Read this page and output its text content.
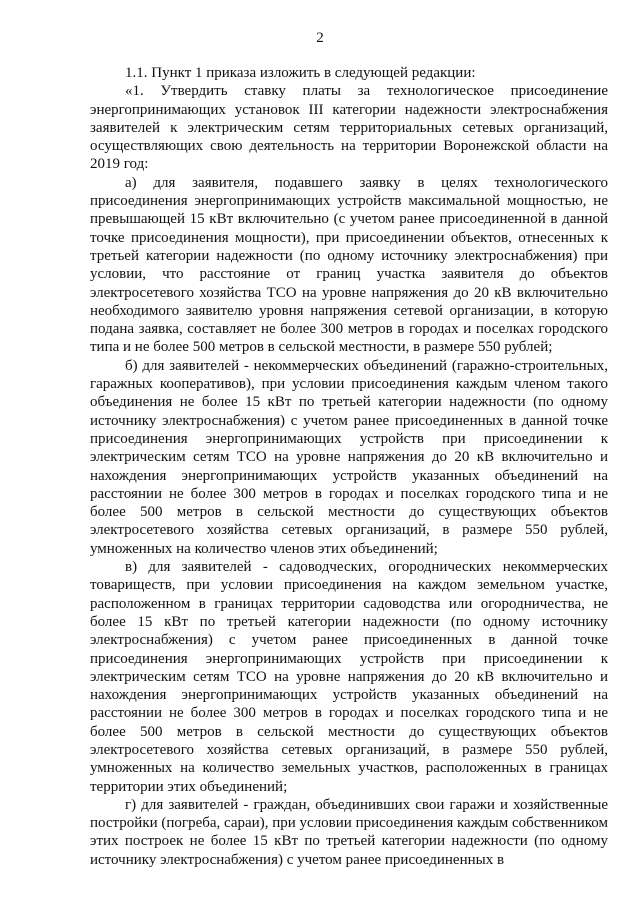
2

1.1. Пункт 1 приказа изложить в следующей редакции:

«1. Утвердить ставку платы за технологическое присоединение энергопринимающих установок III категории надежности электроснабжения заявителей к электрическим сетям территориальных сетевых организаций, осуществляющих свою деятельность на территории Воронежской области на 2019 год:

а) для заявителя, подавшего заявку в целях технологического присоединения энергопринимающих устройств максимальной мощностью, не превышающей 15 кВт включительно (с учетом ранее присоединенной в данной точке присоединения мощности), при присоединении объектов, отнесенных к третьей категории надежности (по одному источнику электроснабжения) при условии, что расстояние от границ участка заявителя до объектов электросетевого хозяйства ТСО на уровне напряжения до 20 кВ включительно необходимого заявителю уровня напряжения сетевой организации, в которую подана заявка, составляет не более 300 метров в городах и поселках городского типа и не более 500 метров в сельской местности, в размере 550 рублей;

б) для заявителей - некоммерческих объединений (гаражно-строительных, гаражных кооперативов), при условии присоединения каждым членом такого объединения не более 15 кВт по третьей категории надежности (по одному источнику электроснабжения) с учетом ранее присоединенных в данной точке присоединения энергопринимающих устройств при присоединении к электрическим сетям ТСО на уровне напряжения до 20 кВ включительно и нахождения энергопринимающих устройств указанных объединений на расстоянии не более 300 метров в городах и поселках городского типа и не более 500 метров в сельской местности до существующих объектов электросетевого хозяйства сетевых организаций, в размере 550 рублей, умноженных на количество членов этих объединений;

в) для заявителей - садоводческих, огороднических некоммерческих товариществ, при условии присоединения на каждом земельном участке, расположенном в границах территории садоводства или огородничества, не более 15 кВт по третьей категории надежности (по одному источнику электроснабжения) с учетом ранее присоединенных в данной точке присоединения энергопринимающих устройств при присоединении к электрическим сетям ТСО на уровне напряжения до 20 кВ включительно и нахождения энергопринимающих устройств указанных объединений на расстоянии не более 300 метров в городах и поселках городского типа и не более 500 метров в сельской местности до существующих объектов электросетевого хозяйства сетевых организаций, в размере 550 рублей, умноженных на количество земельных участков, расположенных в границах территории этих объединений;

г) для заявителей - граждан, объединивших свои гаражи и хозяйственные постройки (погреба, сараи), при условии присоединения каждым собственником этих построек не более 15 кВт по третьей категории надежности (по одному источнику электроснабжения) с учетом ранее присоединенных в
